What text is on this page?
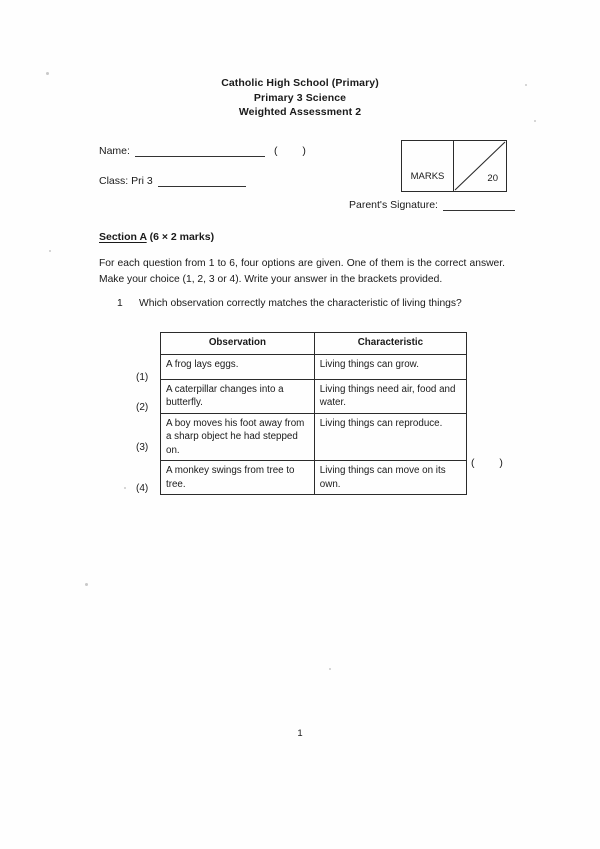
Catholic High School (Primary)
Primary 3 Science
Weighted Assessment 2
Name:	( )
Class: Pri 3	MARKS	20
Parent's Signature:
Section A (6 × 2 marks)
For each question from 1 to 6, four options are given. One of them is the correct answer. Make your choice (1, 2, 3 or 4). Write your answer in the brackets provided.
1	Which observation correctly matches the characteristic of living things?
(1)
(2)
(3)
(4)
Observation	Characteristic
A frog lays eggs.	Living things can grow.
A caterpillar changes into a butterfly.	Living things need air, food and water.
A boy moves his foot away from a sharp object he had stepped on.	Living things can reproduce.
A monkey swings from tree to tree.	Living things can move on its own.
( )
1
